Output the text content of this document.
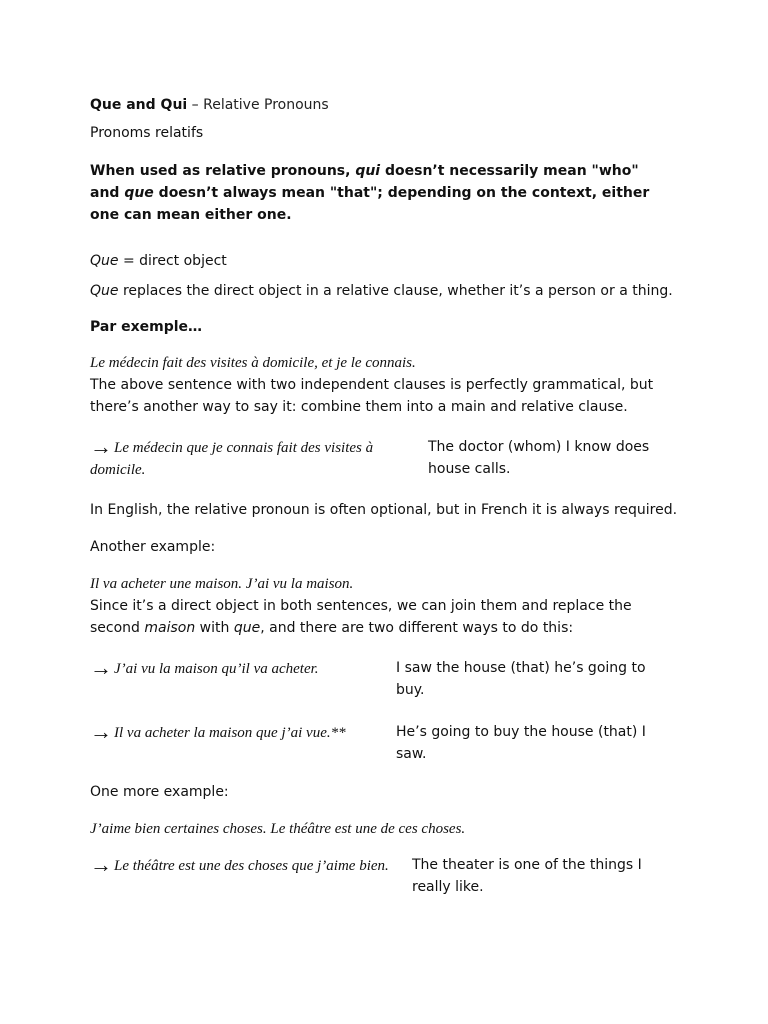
Que and Qui – Relative Pronouns

Pronoms relatifs

When used as relative pronouns, qui doesn’t necessarily mean "who"
and que doesn’t always mean "that"; depending on the context, either one can mean either one.

Que = direct object

Que replaces the direct object in a relative clause, whether it’s a person or a thing.

Par exemple…

Le médecin fait des visites à domicile, et je le connais.

The above sentence with two independent clauses is perfectly grammatical, but there’s another way to say it: combine them into a main and relative clause.

→ Le médecin que je connais fait des visites à domicile.
The doctor (whom) I know does house calls.

In English, the relative pronoun is often optional, but in French it is always required.

Another example:

Il va acheter une maison. J’ai vu la maison.

Since it’s a direct object in both sentences, we can join them and replace the second maison with que, and there are two different ways to do this:

→ J’ai vu la maison qu’il va acheter.	I saw the house (that) he’s going to buy.
→ Il va acheter la maison que j’ai vue.**	He’s going to buy the house (that) I saw.

One more example:

J’aime bien certaines choses. Le théâtre est une de ces choses.

→ Le théâtre est une des choses que j’aime bien.	The theater is one of the things I really like.
